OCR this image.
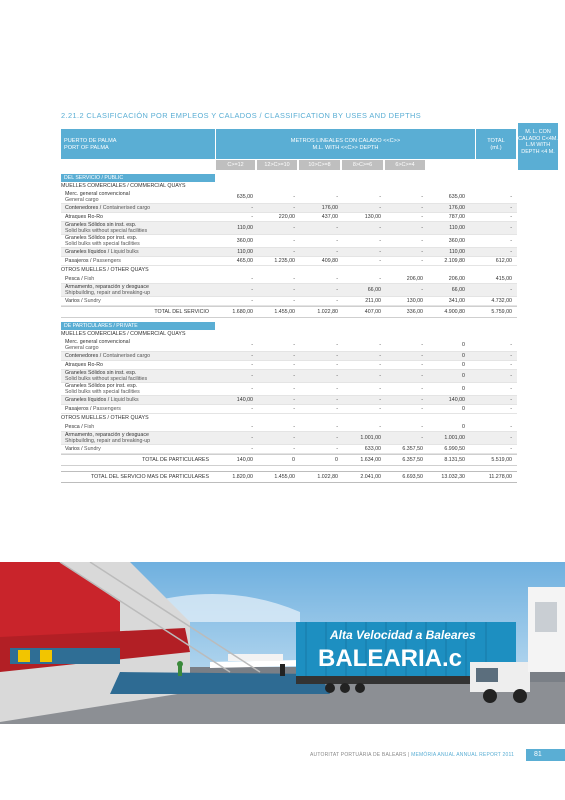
2.21.2 CLASIFICACIÓN POR EMPLEOS Y CALADOS / CLASSIFICATION BY USES AND DEPTHS
PUERTO DE PALMA
PORT OF PALMA
METROS LINEALES CON CALADO <<C>>
M.L. WITH <<C>> DEPTH
TOTAL
(ml.)
M. L. CON
CALADO C<4M.
L.M WITH
DEPTH <4 M.
C>=12	12>C>=10	10>C>=8	8>C>=6	6>C>=4
DEL SERVICIO / PUBLIC
MUELLES COMERCIALES / COMMERCIAL QUAYS
Merc. general convencional
General cargo	635,00	-	-	-	-	635,00	-
Contenedores / Containerised cargo	-	-	176,00	-	-	176,00	-
Atraques Ro-Ro	-	220,00	437,00	130,00	-	787,00	-
Graneles Sólidos sin inst. esp.
Solid bulks without special facilities	110,00	-	-	-	-	110,00	-
Graneles Sólidos por inst. esp.
Solid bulks with special facilities	360,00	-	-	-	-	360,00	-
Graneles líquidos / Liquid bulks	110,00	-	-	-	-	110,00	-
Pasajeros / Passengers	465,00	1.235,00	409,80	-	-	2.109,80	612,00
OTROS MUELLES / OTHER QUAYS
Pesca / Fish	-	-	-	-	206,00	206,00	415,00
Armamento, reparación y desguace
Shipbuilding, repair and breaking-up	-	-	-	66,00	-	66,00	-
Varios / Sundry	-	-	-	211,00	130,00	341,00	4.732,00
TOTAL DEL SERVICIO	1.680,00	1.455,00	1.022,80	407,00	336,00	4.900,80	5.759,00
DE PARTICULARES / PRIVATE
MUELLES COMERCIALES / COMMERCIAL QUAYS
Merc. general convencional
General cargo	-	-	-	-	-	0	-
Contenedores / Containerised cargo	-	-	-	-	-	0	-
Atraques Ro-Ro	-	-	-	-	-	0	-
Graneles Sólidos sin inst. esp.
Solid bulks without special facilities	-	-	-	-	-	0	-
Graneles Sólidos por inst. esp.
Solid bulks with special facilities	-	-	-	-	-	0	-
Graneles líquidos / Liquid bulks	140,00	-	-	-	-	140,00	-
Pasajeros / Passengers	-	-	-	-	-	0	-
OTROS MUELLES / OTHER QUAYS
Pesca / Fish	-	-	-	-	-	0	-
Armamento, reparación y desguace
Shipbuilding, repair and breaking-up	-	-	-	1.001,00	-	1.001,00	-
Varios / Sundry	-	-	-	633,00	6.357,50	6.990,50	-
TOTAL DE PARTICULARES	140,00	0	0	1.634,00	6.357,50	8.131,50	5.519,00
TOTAL DEL SERVICIO MAS DE PARTICULARES	1.820,00	1.455,00	1.022,80	2.041,00	6.693,50	13.032,30	11.278,00
Alta Velocidad a Baleares
BALEARIA.c
AUTORITAT PORTUÀRIA DE BALEARS | MEMÒRIA ANUAL ANNUAL REPORT 2011	81
